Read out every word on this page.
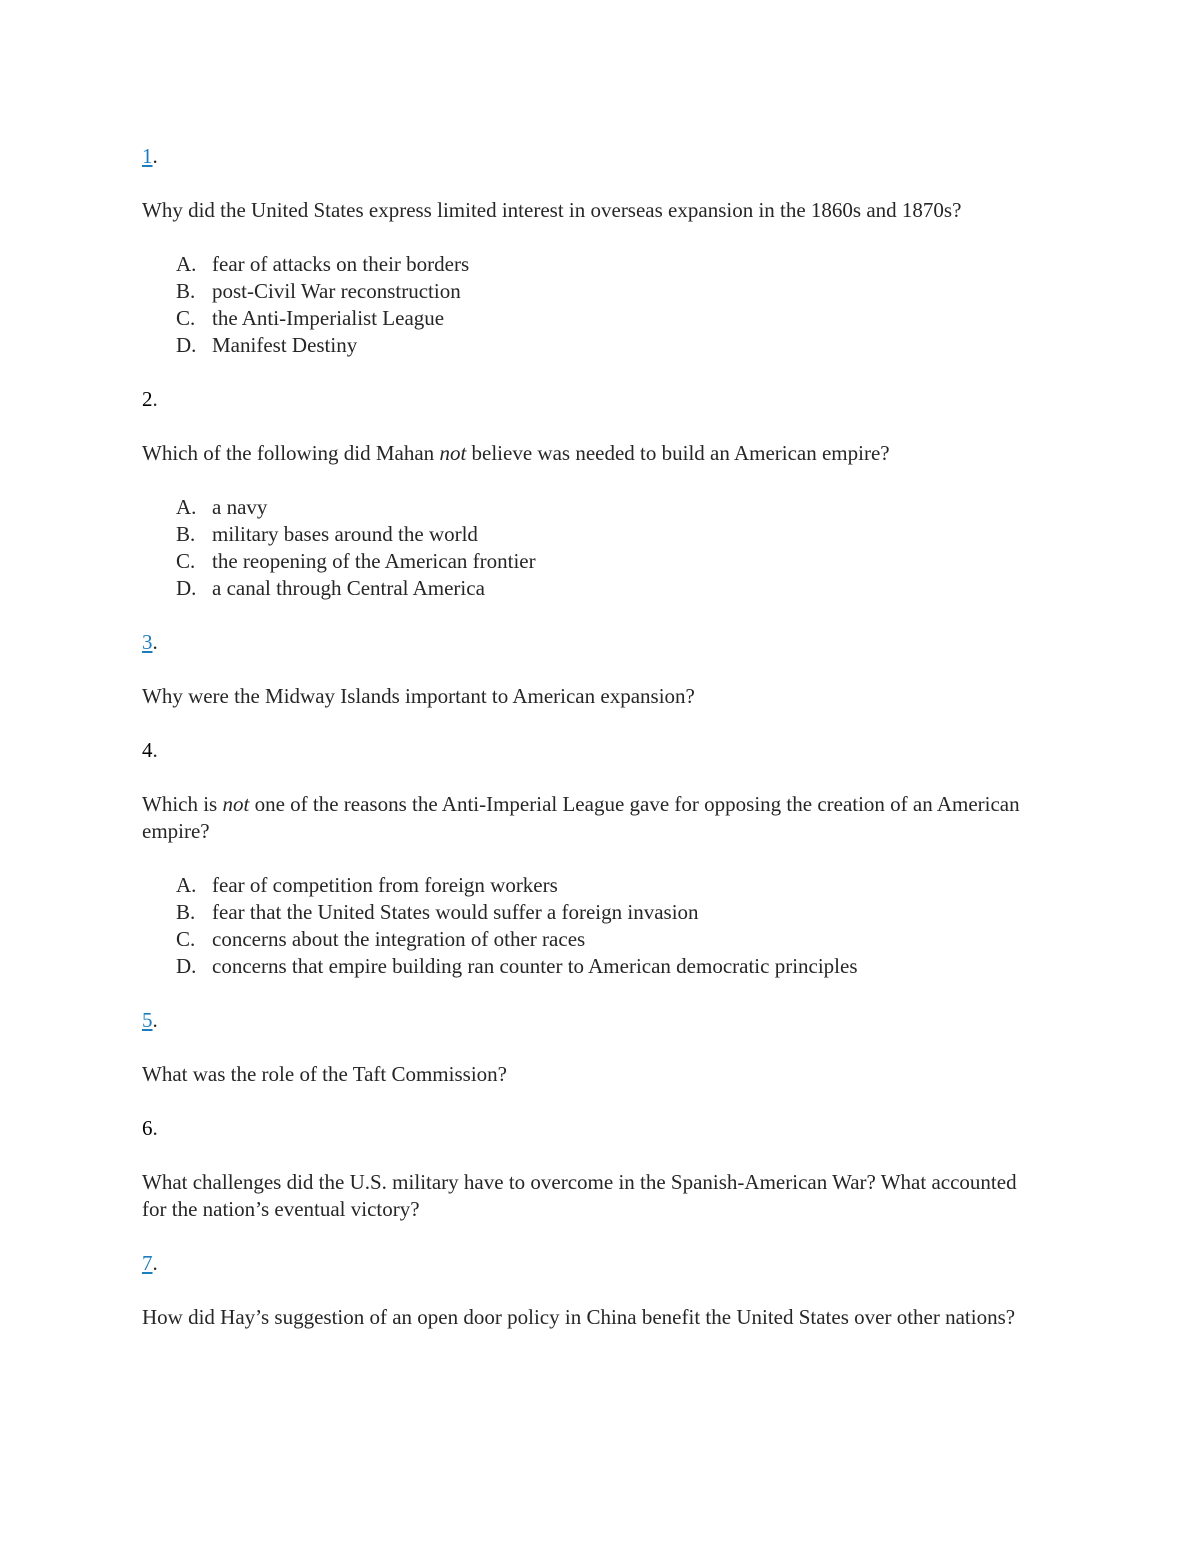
1.

Why did the United States express limited interest in overseas expansion in the 1860s and 1870s?

A. fear of attacks on their borders
B. post-Civil War reconstruction
C. the Anti-Imperialist League
D. Manifest Destiny

2.

Which of the following did Mahan not believe was needed to build an American empire?

A. a navy
B. military bases around the world
C. the reopening of the American frontier
D. a canal through Central America

3.

Why were the Midway Islands important to American expansion?

4.

Which is not one of the reasons the Anti-Imperial League gave for opposing the creation of an American empire?

A. fear of competition from foreign workers
B. fear that the United States would suffer a foreign invasion
C. concerns about the integration of other races
D. concerns that empire building ran counter to American democratic principles

5.

What was the role of the Taft Commission?

6.

What challenges did the U.S. military have to overcome in the Spanish-American War? What accounted for the nation’s eventual victory?

7.

How did Hay’s suggestion of an open door policy in China benefit the United States over other nations?
